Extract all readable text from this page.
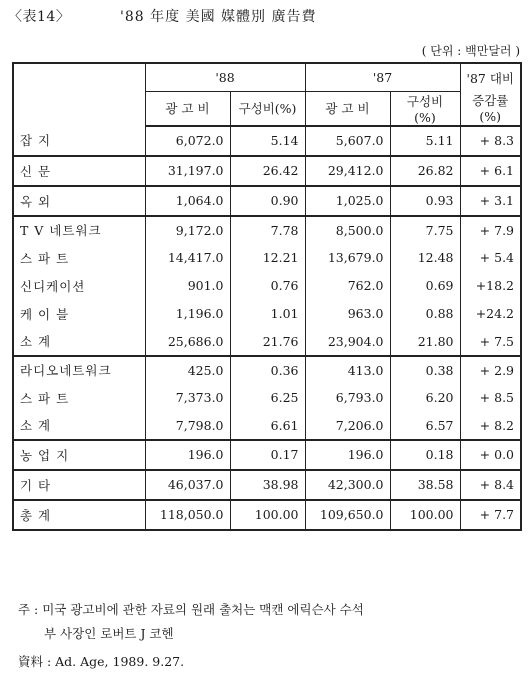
〈表14〉	'88 年度 美國 媒體別 廣告費
( 단위 : 백만달러 )
	'88		'87		'87 대비
	광 고 비	구성비(%)	광 고 비	구성비(%)	증감률(%)
잡 지	6,072.0	5.14	5,607.0	5.11	+ 8.3
신 문	31,197.0	26.42	29,412.0	26.82	+ 6.1
옥 외	1,064.0	0.90	1,025.0	0.93	+ 3.1
T V 네트워크	9,172.0	7.78	8,500.0	7.75	+ 7.9
스 파 트	14,417.0	12.21	13,679.0	12.48	+ 5.4
신디케이션	901.0	0.76	762.0	0.69	+18.2
케 이 블	1,196.0	1.01	963.0	0.88	+24.2
소 계	25,686.0	21.76	23,904.0	21.80	+ 7.5
라디오네트워크	425.0	0.36	413.0	0.38	+ 2.9
스 파 트	7,373.0	6.25	6,793.0	6.20	+ 8.5
소 계	7,798.0	6.61	7,206.0	6.57	+ 8.2
농 업 지	196.0	0.17	196.0	0.18	+ 0.0
기 타	46,037.0	38.98	42,300.0	38.58	+ 8.4
총 계	118,050.0	100.00	109,650.0	100.00	+ 7.7
주 : 미국 광고비에 관한 자료의 원래 출처는 맥캔 에릭슨사 수석
부 사장인 로버트 J 코헨
資料 : Ad. Age, 1989. 9.27.
